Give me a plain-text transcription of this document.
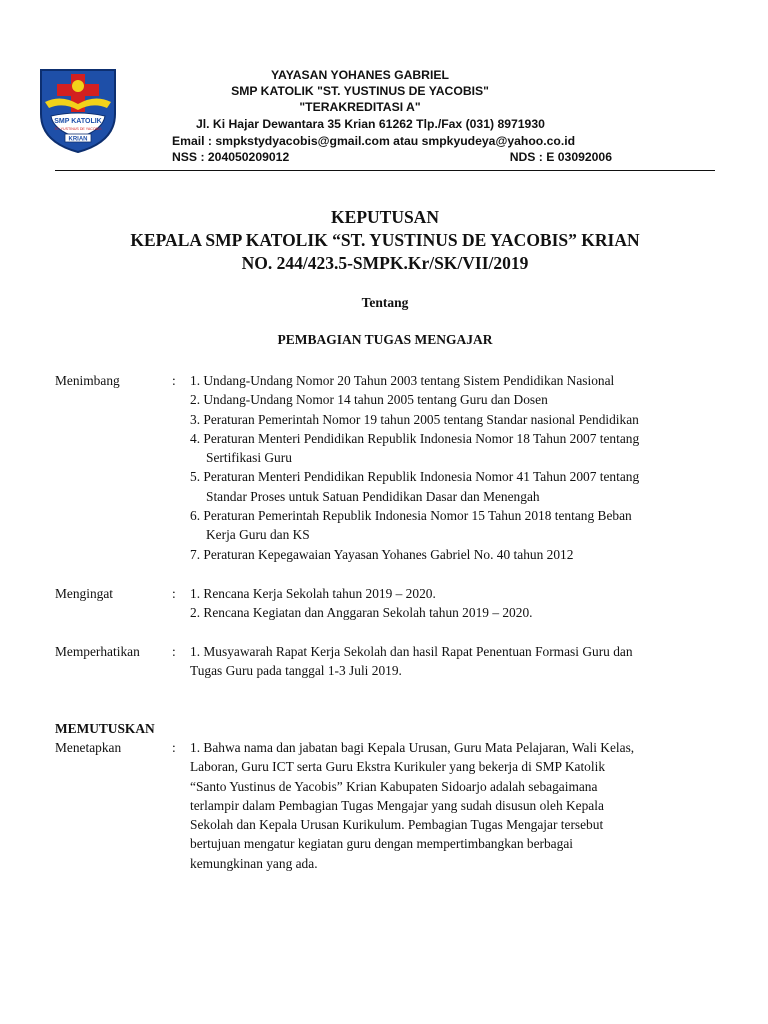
SMP KATOLIK
ST. YUSTINUS DE YACOBIS
KRIAN
YAYASAN YOHANES GABRIEL
SMP KATOLIK "ST. YUSTINUS DE YACOBIS"
"TERAKREDITASI A"
Jl. Ki Hajar Dewantara 35 Krian 61262 Tlp./Fax (031) 8971930
Email : smpkstydyacobis@gmail.com atau smpkyudeya@yahoo.co.id
NSS : 204050209012	NDS : E 03092006
KEPUTUSAN
KEPALA SMP KATOLIK “ST. YUSTINUS DE YACOBIS” KRIAN
NO. 244/423.5-SMPK.Kr/SK/VII/2019
Tentang
PEMBAGIAN TUGAS MENGAJAR
Menimbang	: 1. Undang-Undang Nomor 20 Tahun 2003 tentang Sistem Pendidikan Nasional
2. Undang-Undang Nomor 14 tahun 2005 tentang Guru dan Dosen
3. Peraturan Pemerintah Nomor 19 tahun 2005 tentang Standar nasional Pendidikan
4. Peraturan Menteri Pendidikan Republik Indonesia Nomor 18 Tahun 2007 tentang
Sertifikasi Guru
5. Peraturan Menteri Pendidikan Republik Indonesia Nomor 41 Tahun 2007 tentang
Standar Proses untuk Satuan Pendidikan Dasar dan Menengah
6. Peraturan Pemerintah Republik Indonesia Nomor 15 Tahun 2018 tentang Beban
Kerja Guru dan KS
7. Peraturan Kepegawaian Yayasan Yohanes Gabriel No. 40 tahun 2012
Mengingat	: 1. Rencana Kerja Sekolah tahun 2019 – 2020.
2. Rencana Kegiatan dan Anggaran Sekolah tahun 2019 – 2020.
Memperhatikan : 1. Musyawarah Rapat Kerja Sekolah dan hasil Rapat Penentuan Formasi Guru dan
Tugas Guru pada tanggal 1-3 Juli 2019.
MEMUTUSKAN
Menetapkan	: 1. Bahwa nama dan jabatan bagi Kepala Urusan, Guru Mata Pelajaran, Wali Kelas,
Laboran, Guru ICT serta Guru Ekstra Kurikuler yang bekerja di SMP Katolik
“Santo Yustinus de Yacobis” Krian Kabupaten Sidoarjo adalah sebagaimana
terlampir dalam Pembagian Tugas Mengajar yang sudah disusun oleh Kepala
Sekolah dan Kepala Urusan Kurikulum. Pembagian Tugas Mengajar tersebut
bertujuan mengatur kegiatan guru dengan mempertimbangkan berbagai
kemungkinan yang ada.
